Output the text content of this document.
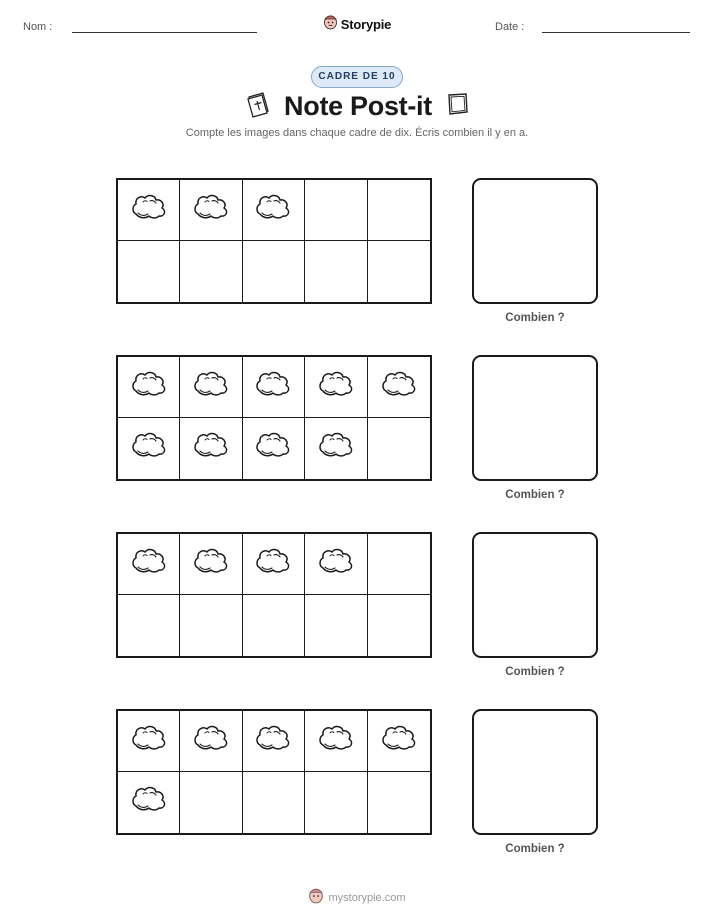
Nom :	Storypie	Date :
CADRE DE 10
Note Post-it
Compte les images dans chaque cadre de dix. Écris combien il y en a.
Combien ?
Combien ?
Combien ?
Combien ?
mystorypie.com
